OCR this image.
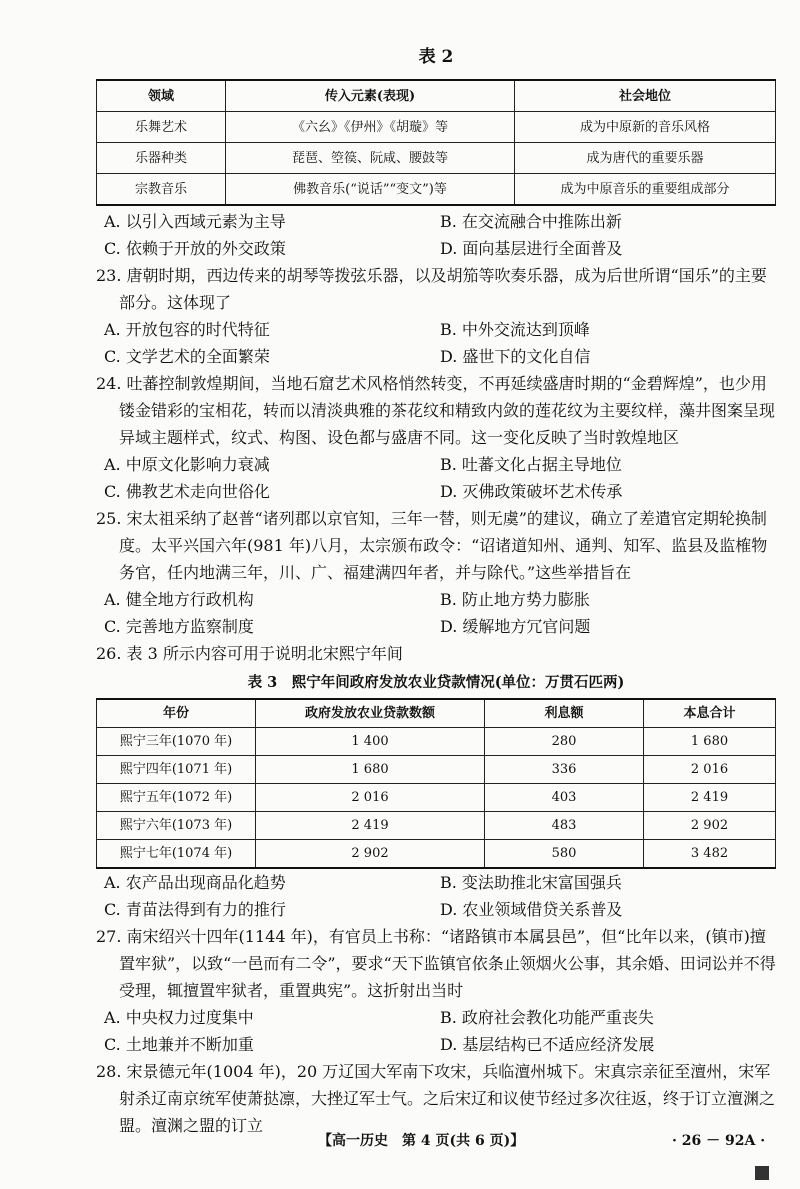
表 2
领域	传入元素(表现)	社会地位
乐舞艺术	《六幺》《伊州》《胡璇》等	成为中原新的音乐风格
乐器种类	琵琶、箜篌、阮咸、腰鼓等	成为唐代的重要乐器
宗教音乐	佛教音乐(“说话”“变文”)等	成为中原音乐的重要组成部分
A. 以引入西域元素为主导	B. 在交流融合中推陈出新
C. 依赖于开放的外交政策	D. 面向基层进行全面普及

23. 唐朝时期，西边传来的胡琴等拨弦乐器，以及胡笳等吹奏乐器，成为后世所谓“国乐”的主要部分。这体现了

A. 开放包容的时代特征	B. 中外交流达到顶峰
C. 文学艺术的全面繁荣	D. 盛世下的文化自信

24. 吐蕃控制敦煌期间，当地石窟艺术风格悄然转变，不再延续盛唐时期的“金碧辉煌”，也少用镂金错彩的宝相花，转而以清淡典雅的茶花纹和精致内敛的莲花纹为主要纹样，藻井图案呈现异域主题样式，纹式、构图、设色都与盛唐不同。这一变化反映了当时敦煌地区

A. 中原文化影响力衰减	B. 吐蕃文化占据主导地位
C. 佛教艺术走向世俗化	D. 灭佛政策破坏艺术传承

25. 宋太祖采纳了赵普“诸列郡以京官知，三年一替，则无虞”的建议，确立了差遣官定期轮换制度。太平兴国六年(981 年)八月，太宗颁布政令：“诏诸道知州、通判、知军、监县及监榷物务官，任内地满三年，川、广、福建满四年者，并与除代。”这些举措旨在

A. 健全地方行政机构	B. 防止地方势力膨胀
C. 完善地方监察制度	D. 缓解地方冗官问题

26. 表 3 所示内容可用于说明北宋熙宁年间

表 3　熙宁年间政府发放农业贷款情况(单位：万贯石匹两)
年份	政府发放农业贷款数额	利息额	本息合计
熙宁三年(1070 年)	1 400	280	1 680
熙宁四年(1071 年)	1 680	336	2 016
熙宁五年(1072 年)	2 016	403	2 419
熙宁六年(1073 年)	2 419	483	2 902
熙宁七年(1074 年)	2 902	580	3 482
A. 农产品出现商品化趋势	B. 变法助推北宋富国强兵
C. 青苗法得到有力的推行	D. 农业领域借贷关系普及

27. 南宋绍兴十四年(1144 年)，有官员上书称：“诸路镇市本属县邑”，但“比年以来，(镇市)擅置牢狱”，以致“一邑而有二令”，要求“天下监镇官依条止领烟火公事，其余婚、田词讼并不得受理，辄擅置牢狱者，重置典宪”。这折射出当时

A. 中央权力过度集中	B. 政府社会教化功能严重丧失
C. 土地兼并不断加重	D. 基层结构已不适应经济发展

28. 宋景德元年(1004 年)，20 万辽国大军南下攻宋，兵临澶州城下。宋真宗亲征至澶州，宋军射杀辽南京统军使萧挞凛，大挫辽军士气。之后宋辽和议使节经过多次往返，终于订立澶渊之盟。澶渊之盟的订立

【高一历史　第 4 页(共 6 页)】	· 26 － 92A ·
